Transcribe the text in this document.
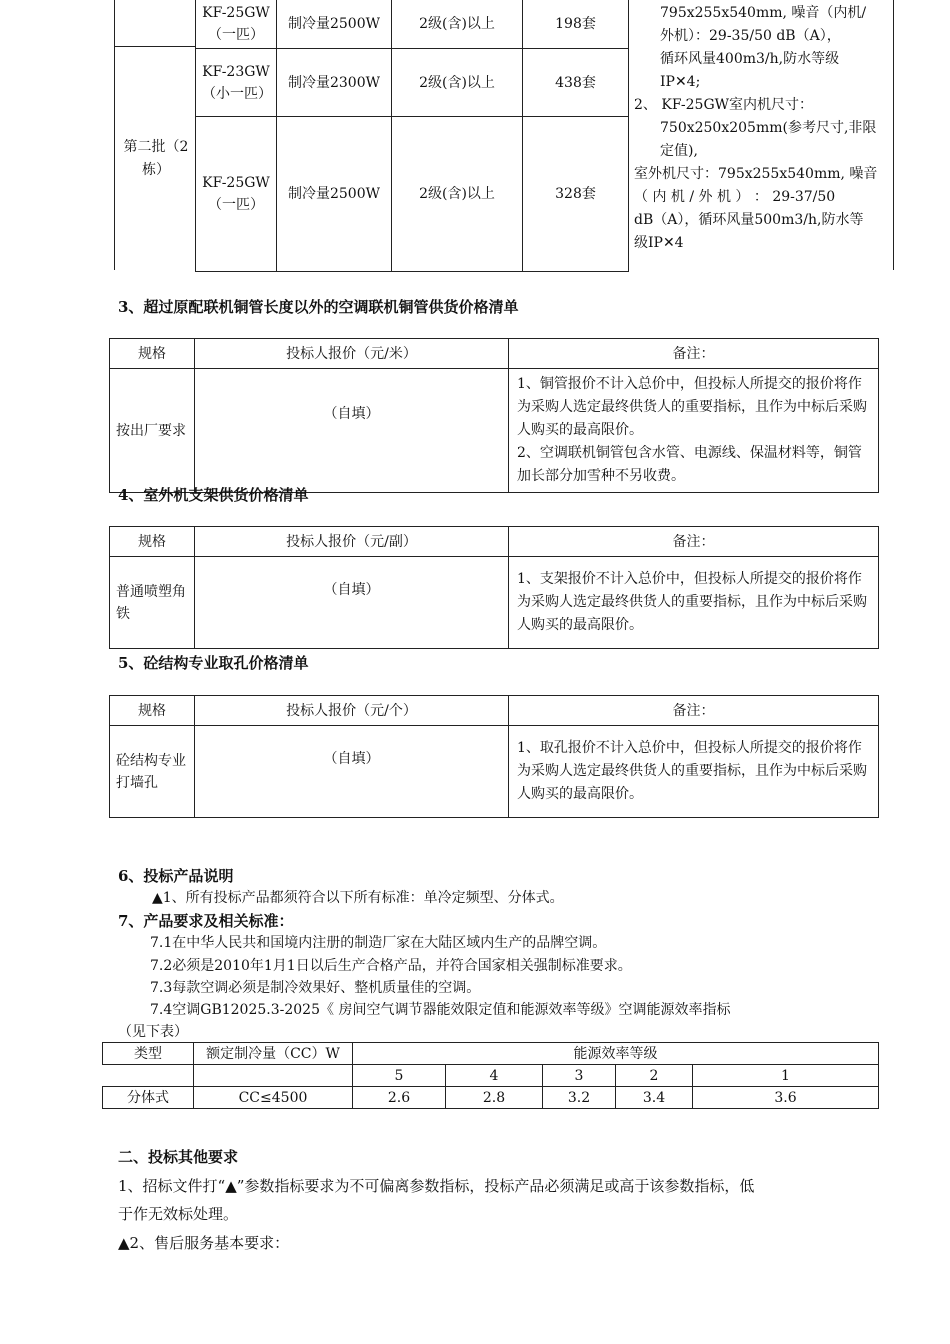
第二批（2栋）
KF-25GW（一匹）	制冷量2500W	2级(含)以上	198套
KF-23GW（小一匹）	制冷量2300W	2级(含)以上	438套
KF-25GW（一匹）	制冷量2500W	2级(含)以上	328套
795x255x540mm, 噪音（内机/
外机）：29-35/50 dB（A），
循环风量400m3/h,防水等级
IP✕4;
2、 KF-25GW室内机尺寸：
750x250x205mm(参考尺寸,非限
定值),
室外机尺寸：795x255x540mm, 噪音
（ 内 机 / 外 机 ） ： 29-37/50
dB（A），循环风量500m3/h,防水等
级IP✕4
3、超过原配联机铜管长度以外的空调联机铜管供货价格清单
规格	投标人报价（元/米）	备注：
按出厂要求	（自填）	1、铜管报价不计入总价中，但投标人所提交的报价将作为采购人选定最终供货人的重要指标，且作为中标后采购人购买的最高限价。
2、空调联机铜管包含水管、电源线、保温材料等，铜管加长部分加雪种不另收费。
4、室外机支架供货价格清单
规格	投标人报价（元/副）	备注：
普通喷塑角铁	（自填）	1、支架报价不计入总价中，但投标人所提交的报价将作为采购人选定最终供货人的重要指标，且作为中标后采购人购买的最高限价。
5、砼结构专业取孔价格清单
规格	投标人报价（元/个）	备注：
砼结构专业打墙孔	（自填）	1、取孔报价不计入总价中，但投标人所提交的报价将作为采购人选定最终供货人的重要指标，且作为中标后采购人购买的最高限价。
6、投标产品说明
▲1、所有投标产品都须符合以下所有标准：单冷定频型、分体式。
7、产品要求及相关标准：
7.1在中华人民共和国境内注册的制造厂家在大陆区域内生产的品牌空调。
7.2必须是2010年1月1日以后生产合格产品，并符合国家相关强制标准要求。
7.3每款空调必须是制冷效果好、整机质量佳的空调。
7.4空调GB12025.3-2025《 房间空气调节器能效限定值和能源效率等级》空调能源效率指标
（见下表）
类型	额定制冷量（CC）W	能源效率等级				
		5	4	3	2	1
分体式	CC≤4500	2.6	2.8	3.2	3.4	3.6
二、投标其他要求
1、招标文件打“▲”参数指标要求为不可偏离参数指标，投标产品必须满足或高于该参数指标，低
于作无效标处理。
▲2、售后服务基本要求：
